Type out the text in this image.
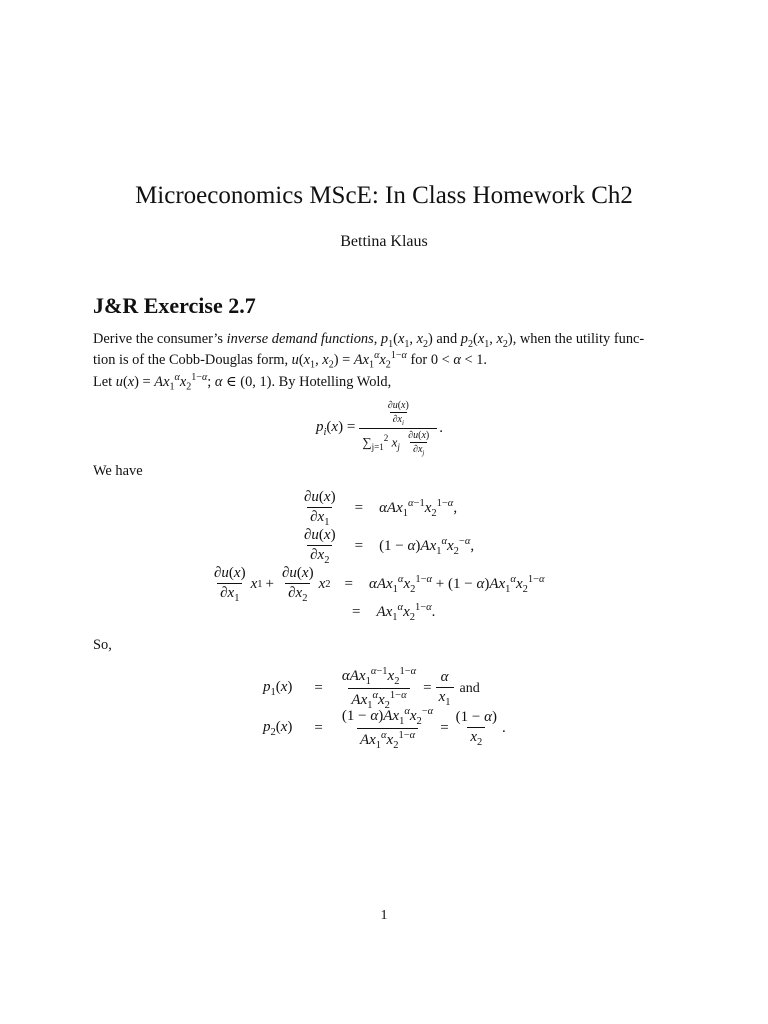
Microeconomics MScE: In Class Homework Ch2
Bettina Klaus
J&R Exercise 2.7
Derive the consumer’s inverse demand functions, $p_1(x_1$, $x_2$) and $p_2(x_1$, $x_2$), when the utility func-
tion is of the Cobb-Douglas form, $u(x_1$, $x_2) = Ax_1^\alpha x_2^{1-\alpha}$ for 0 < α < 1.
Let $u(x) = Ax_1^\alpha x_2^{1-\alpha}$; α ∈ (0, 1). By Hotelling Wold,
$p_i(x) = \frac{\frac{\partial u(x)}{\partial x_i}}{\sum_{j=1}^2 x_j \frac{\partial u(x)}{\partial x_j}}$ .
We have
$\frac{\partial u(x)}{\partial x_1} = \alpha Ax_1^{\alpha-1}x_2^{1-\alpha}$,
$\frac{\partial u(x)}{\partial x_2} = (1 - \alpha)Ax_1^\alpha x_2^{-\alpha}$,
$\frac{\partial u(x)}{\partial x_1}$ x $1 + \frac{\partial u(x)}{\partial x_2}$ x $2 = \alpha Ax_1^\alpha x_2^{1-\alpha} + (1 - \alpha)Ax_1^\alpha x_2^{1-\alpha}$
= $Ax_1^\alpha x_2^{1-\alpha}$.
So,
$p_1(x) = \frac{\alpha Ax_1^{\alpha-1}x_2^{1-\alpha}}{Ax_1^\alpha x_2^{1-\alpha}} = \frac{\alpha}{x_1}$ and
$p_2(x) = \frac{(1 - \alpha)Ax_1^\alpha x_2^{-\alpha}}{Ax_1^\alpha x_2^{1-\alpha}} = \frac{(1 - \alpha)}{x_2}$ .
1
